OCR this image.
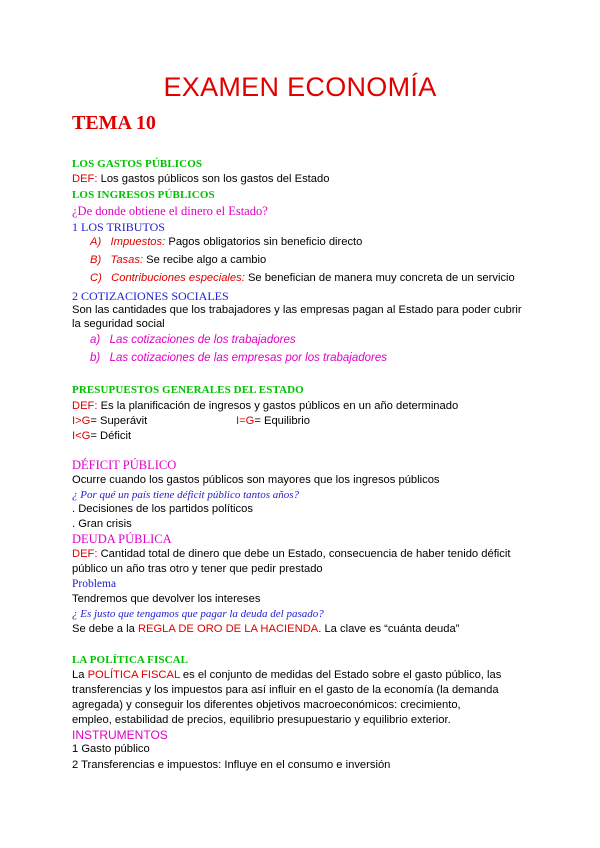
EXAMEN ECONOMÍA
TEMA 10
LOS GASTOS PÚBLICOS
DEF: Los gastos públicos son los gastos del Estado
LOS INGRESOS PÚBLICOS
¿De donde obtiene el dinero el Estado?
1 LOS TRIBUTOS
A) Impuestos: Pagos obligatorios sin beneficio directo
B) Tasas: Se recibe algo a cambio
C) Contribuciones especiales: Se benefician de manera muy concreta de un servicio
2 COTIZACIONES SOCIALES
Son las cantidades que los trabajadores y las empresas pagan al Estado para poder cubrir
la seguridad social
a) Las cotizaciones de los trabajadores
b) Las cotizaciones de las empresas por los trabajadores
PRESUPUESTOS GENERALES DEL ESTADO
DEF: Es la planificación de ingresos y gastos públicos en un año determinado
I>G= Superávit	I=G= Equilibrio
I<G= Déficit
DÉFICIT PÚBLICO
Ocurre cuando los gastos públicos son mayores que los ingresos públicos
¿ Por qué un país tiene déficit público tantos años?
. Decisiones de los partidos políticos
. Gran crisis
DEUDA PÚBLICA
DEF: Cantidad total de dinero que debe un Estado, consecuencia de haber tenido déficit
público un año tras otro y tener que pedir prestado
Problema
Tendremos que devolver los intereses
¿ Es justo que tengamos que pagar la deuda del pasado?
Se debe a la REGLA DE ORO DE LA HACIENDA. La clave es “cuánta deuda”
LA POLÍTICA FISCAL
La POLÍTICA FISCAL es el conjunto de medidas del Estado sobre el gasto público, las
transferencias y los impuestos para así influir en el gasto de la economía (la demanda
agregada) y conseguir los diferentes objetivos macroeconómicos: crecimiento,
empleo, estabilidad de precios, equilibrio presupuestario y equilibrio exterior.
INSTRUMENTOS
1 Gasto público
2 Transferencias e impuestos: Influye en el consumo e inversión
